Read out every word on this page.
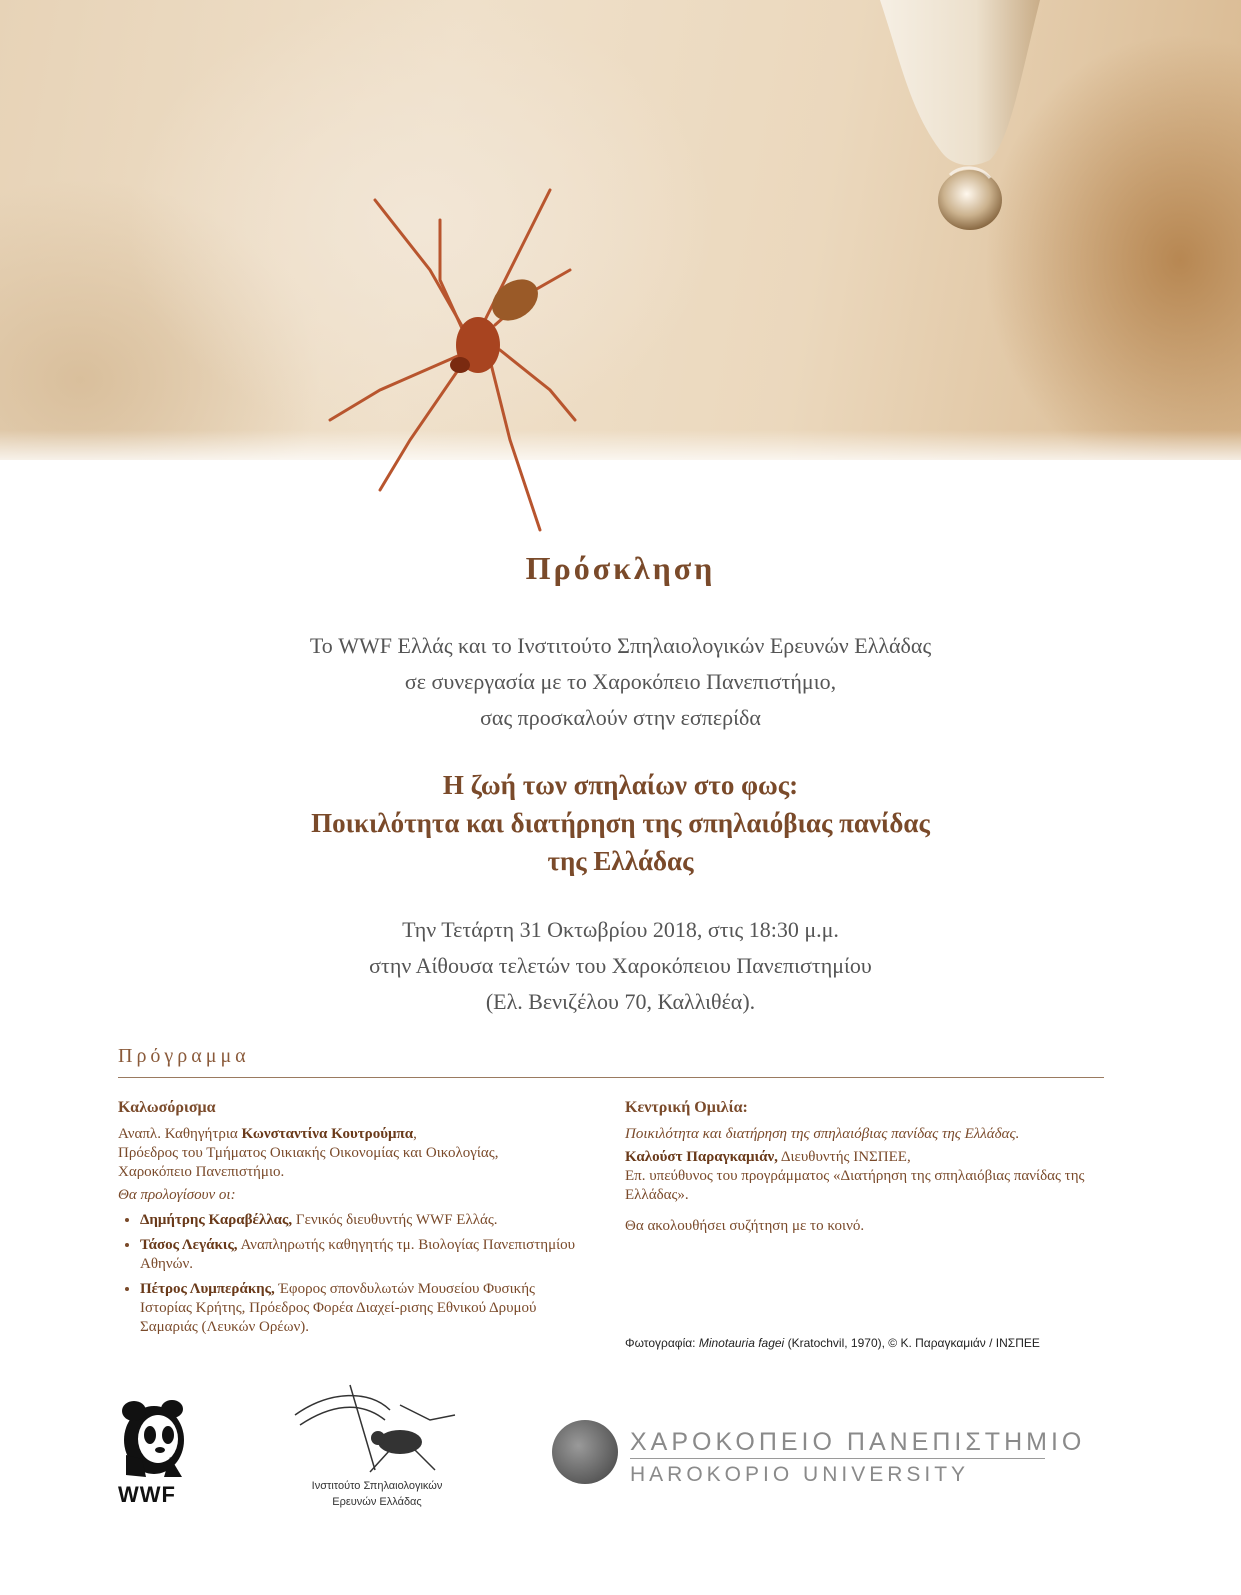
Πρόσκληση
Το WWF Ελλάς και το Ινστιτούτο Σπηλαιολογικών Ερευνών Ελλάδας
σε συνεργασία με το Χαροκόπειο Πανεπιστήμιο,
σας προσκαλούν στην εσπερίδα
Η ζωή των σπηλαίων στο φως:
Ποικιλότητα και διατήρηση της σπηλαιόβιας πανίδας
της Ελλάδας
Την Τετάρτη 31 Οκτωβρίου 2018, στις 18:30 μ.μ.
στην Αίθουσα τελετών του Χαροκόπειου Πανεπιστημίου
(Ελ. Βενιζέλου 70, Καλλιθέα).
Πρόγραμμα
Καλωσόρισμα

Αναπλ. Καθηγήτρια Κωνσταντίνα Κουτρούμπα,

Πρόεδρος του Τμήματος Οικιακής Οικονομίας και Οικολογίας,

Χαροκόπειο Πανεπιστήμιο.

Θα προλογίσουν οι:

• Δημήτρης Καραβέλλας, Γενικός διευθυντής WWF Ελλάς.
• Τάσος Λεγάκις, Αναπληρωτής καθηγητής τμ. Βιολογίας Πανεπιστημίου Αθηνών.
• Πέτρος Λυμπεράκης, Έφορος σπονδυλωτών Μουσείου Φυσικής Ιστορίας Κρήτης, Πρόεδρος Φορέα Διαχεί-ρισης Εθνικού Δρυμού Σαμαριάς (Λευκών Ορέων).
Κεντρική Ομιλία:

Ποικιλότητα και διατήρηση της σπηλαιόβιας πανίδας της Ελλάδας.

Καλούστ Παραγκαμιάν, Διευθυντής ΙΝΣΠΕΕ,

Επ. υπεύθυνος του προγράμματος «Διατήρηση της σπηλαιόβιας πανίδας της Ελλάδας».

Θα ακολουθήσει συζήτηση με το κοινό.

Φωτογραφία: Minotauria fagei (Kratochvil, 1970), © Κ. Παραγκαμιάν / ΙΝΣΠΕΕ
WWF	Ινστιτούτο Σπηλαιολογικών
Ερευνών Ελλάδας
ΧΑΡΟΚΟΠΕΙΟ ΠΑΝΕΠΙΣΤΗΜΙΟ
HAROKOPIO UNIVERSITY
